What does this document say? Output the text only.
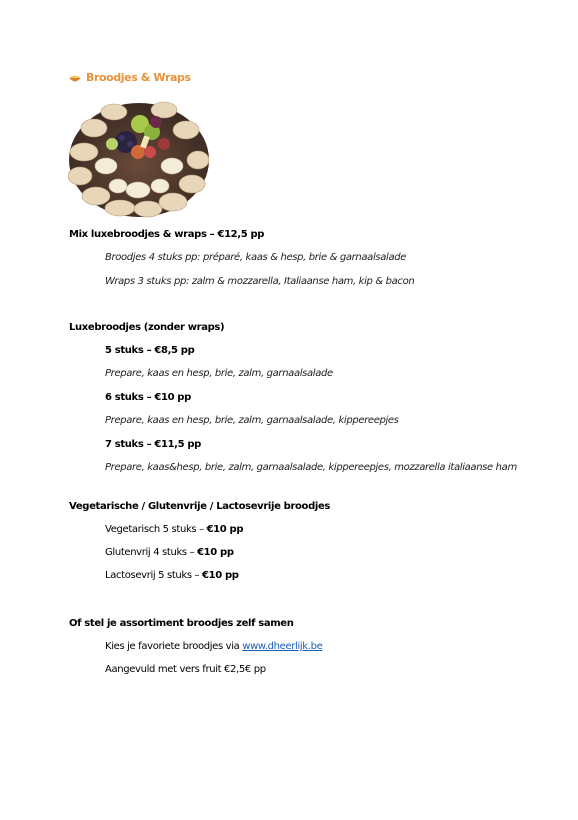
Broodjes & Wraps
Mix luxebroodjes & wraps – €12,5 pp
Broodjes 4 stuks pp: préparé, kaas & hesp, brie & garnaalsalade
Wraps 3 stuks pp: zalm & mozzarella, Italiaanse ham, kip & bacon
Luxebroodjes (zonder wraps)
5 stuks – €8,5 pp
Prepare, kaas en hesp, brie, zalm, garnaalsalade
6 stuks – €10 pp
Prepare, kaas en hesp, brie, zalm, garnaalsalade, kippereepjes
7 stuks – €11,5 pp
Prepare, kaas&hesp, brie, zalm, garnaalsalade, kippereepjes, mozzarella italiaanse ham
Vegetarische / Glutenvrije / Lactosevrije broodjes
Vegetarisch 5 stuks – €10 pp
Glutenvrij 4 stuks – €10 pp
Lactosevrij 5 stuks – €10 pp
Of stel je assortiment broodjes zelf samen
Kies je favoriete broodjes via www.dheerlijk.be
Aangevuld met vers fruit €2,5€ pp
